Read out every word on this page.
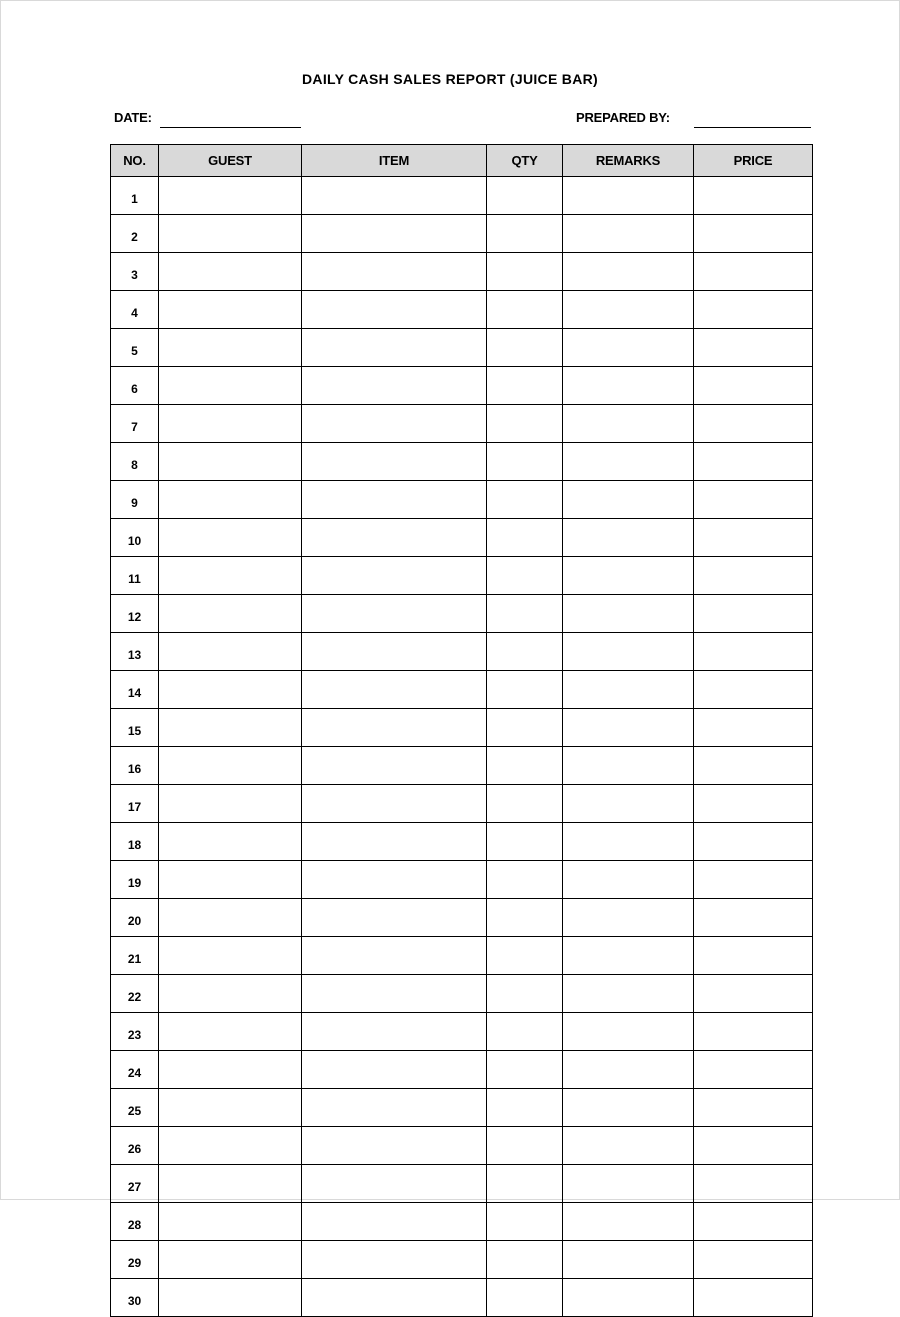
DAILY CASH SALES REPORT (JUICE BAR)
DATE:	PREPARED BY:
NO.	GUEST	ITEM	QTY	REMARKS	PRICE
1					
2					
3					
4					
5					
6					
7					
8					
9					
10					
11					
12					
13					
14					
15					
16					
17					
18					
19					
20					
21					
22					
23					
24					
25					
26					
27					
28					
29					
30					
